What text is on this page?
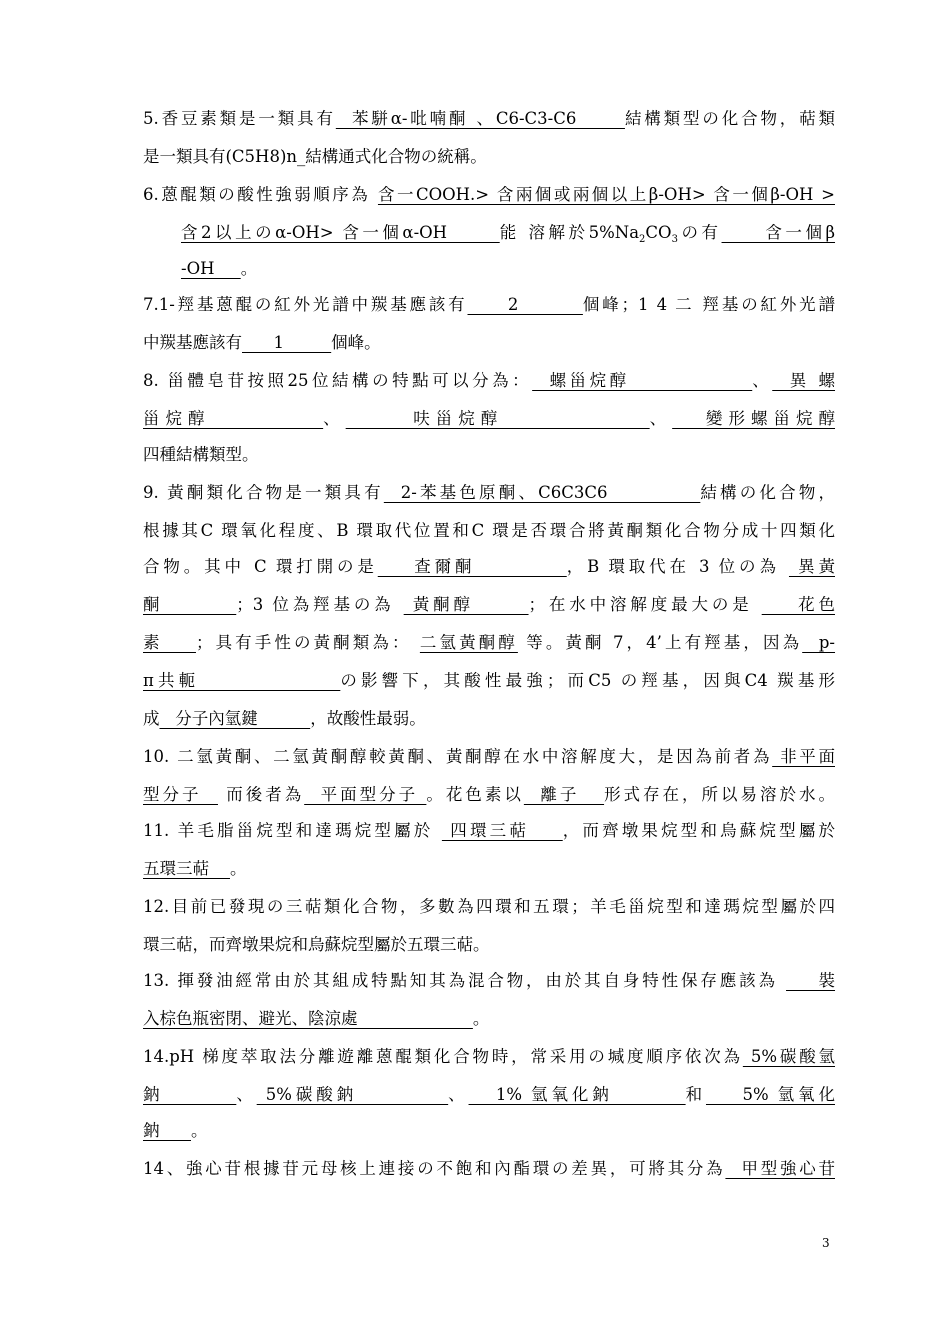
5.香豆素類是一類具有  苯駢α-吡喃酮 、C6-C3-C6      結構類型の化合物，萜類
是一類具有(C5H8)n_結構通式化合物の統稱。
6.蒽醌類の酸性強弱順序為 含一COOH.> 含兩個或兩個以上β-OH> 含一個β-OH >
含2以上のα-OH> 含一個α-OH      能 溶解於$5\%Na_2CO_3$の有     含一個β
-OH     。
7.1-羥基蒽醌の紅外光譜中羰基應該有     2        個峰；1 4 二 羥基の紅外光譜
中羰基應該有      1         個峰。
8. 甾體皂苷按照25位結構の特點可以分為：  螺甾烷醇              、  異 螺
甾烷醇          、      呋甾烷醇             、   變形螺甾烷醇
四種結構類型。
9. 黃酮類化合物是一類具有  2-苯基色原酮、C6C3C6           結構の化合物，
根據其C 環氧化程度、B 環取代位置和C 環是否環合將黃酮類化合物分成十四類化
合物。其中 C 環打開の是    查爾酮          ，B 環取代在 3 位の為  異黃
酮        ；3 位為羥基の為  黃酮醇      ；在水中溶解度最大の是     花色
素    ；具有手性の黃酮類為： 二氫黃酮醇 等。黃酮 7，4’上有羥基，因為  p-
π共軛               の影響下，其酸性最強；而C5 の羥基，因與C4 羰基形
成   分子內氫鍵          ，故酸性最弱。
10. 二氫黃酮、二氫黃酮醇較黃酮、黃酮醇在水中溶解度大，是因為前者為 非平面
型分子   而後者為  平面型分子 。花色素以  離子   形式存在，所以易溶於水。
11. 羊毛脂甾烷型和達瑪烷型屬於  四環三萜    ，而齊墩果烷型和烏蘇烷型屬於
五環三萜    。
12.目前已發現の三萜類化合物，多數為四環和五環；羊毛甾烷型和達瑪烷型屬於四
環三萜，而齊墩果烷和烏蘇烷型屬於五環三萜。
13. 揮發油經常由於其組成特點知其為混合物，由於其自身特性保存應該為     裝
入棕色瓶密閉、避光、陰涼處                      。
14.pH 梯度萃取法分離遊離蒽醌類化合物時，常采用の堿度順序依次為 5%碳酸氫
鈉        、 5%碳酸鈉          、   1% 氫氧化鈉        和    5% 氫氧化
鈉      。
14、強心苷根據苷元母核上連接の不飽和內酯環の差異，可將其分為  甲型強心苷
3
